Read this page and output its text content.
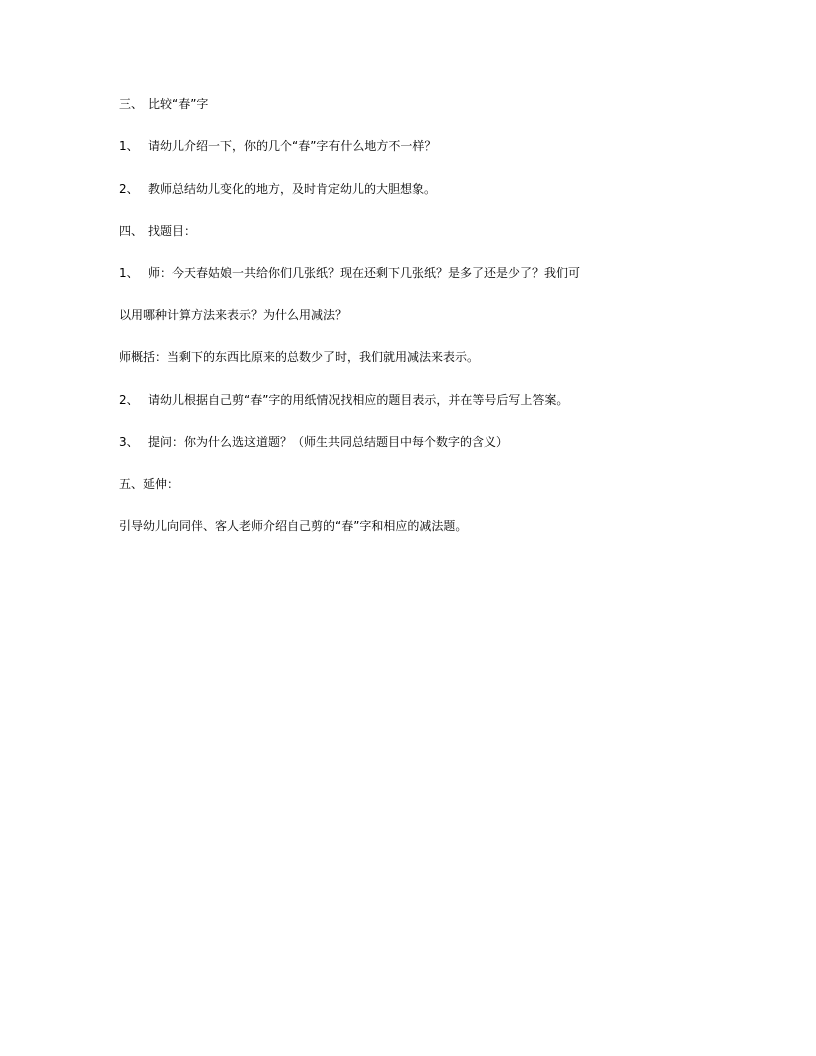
三、 比较“春”字
1、 请幼儿介绍一下，你的几个“春”字有什么地方不一样？
2、 教师总结幼儿变化的地方，及时肯定幼儿的大胆想象。
四、 找题目：
1、 师：今天春姑娘一共给你们几张纸？现在还剩下几张纸？是多了还是少了？我们可
以用哪种计算方法来表示？为什么用减法？
师概括：当剩下的东西比原来的总数少了时，我们就用减法来表示。
2、 请幼儿根据自己剪“春”字的用纸情况找相应的题目表示，并在等号后写上答案。
3、 提问：你为什么选这道题？（师生共同总结题目中每个数字的含义）
五、延伸：
引导幼儿向同伴、客人老师介绍自己剪的“春”字和相应的减法题。
